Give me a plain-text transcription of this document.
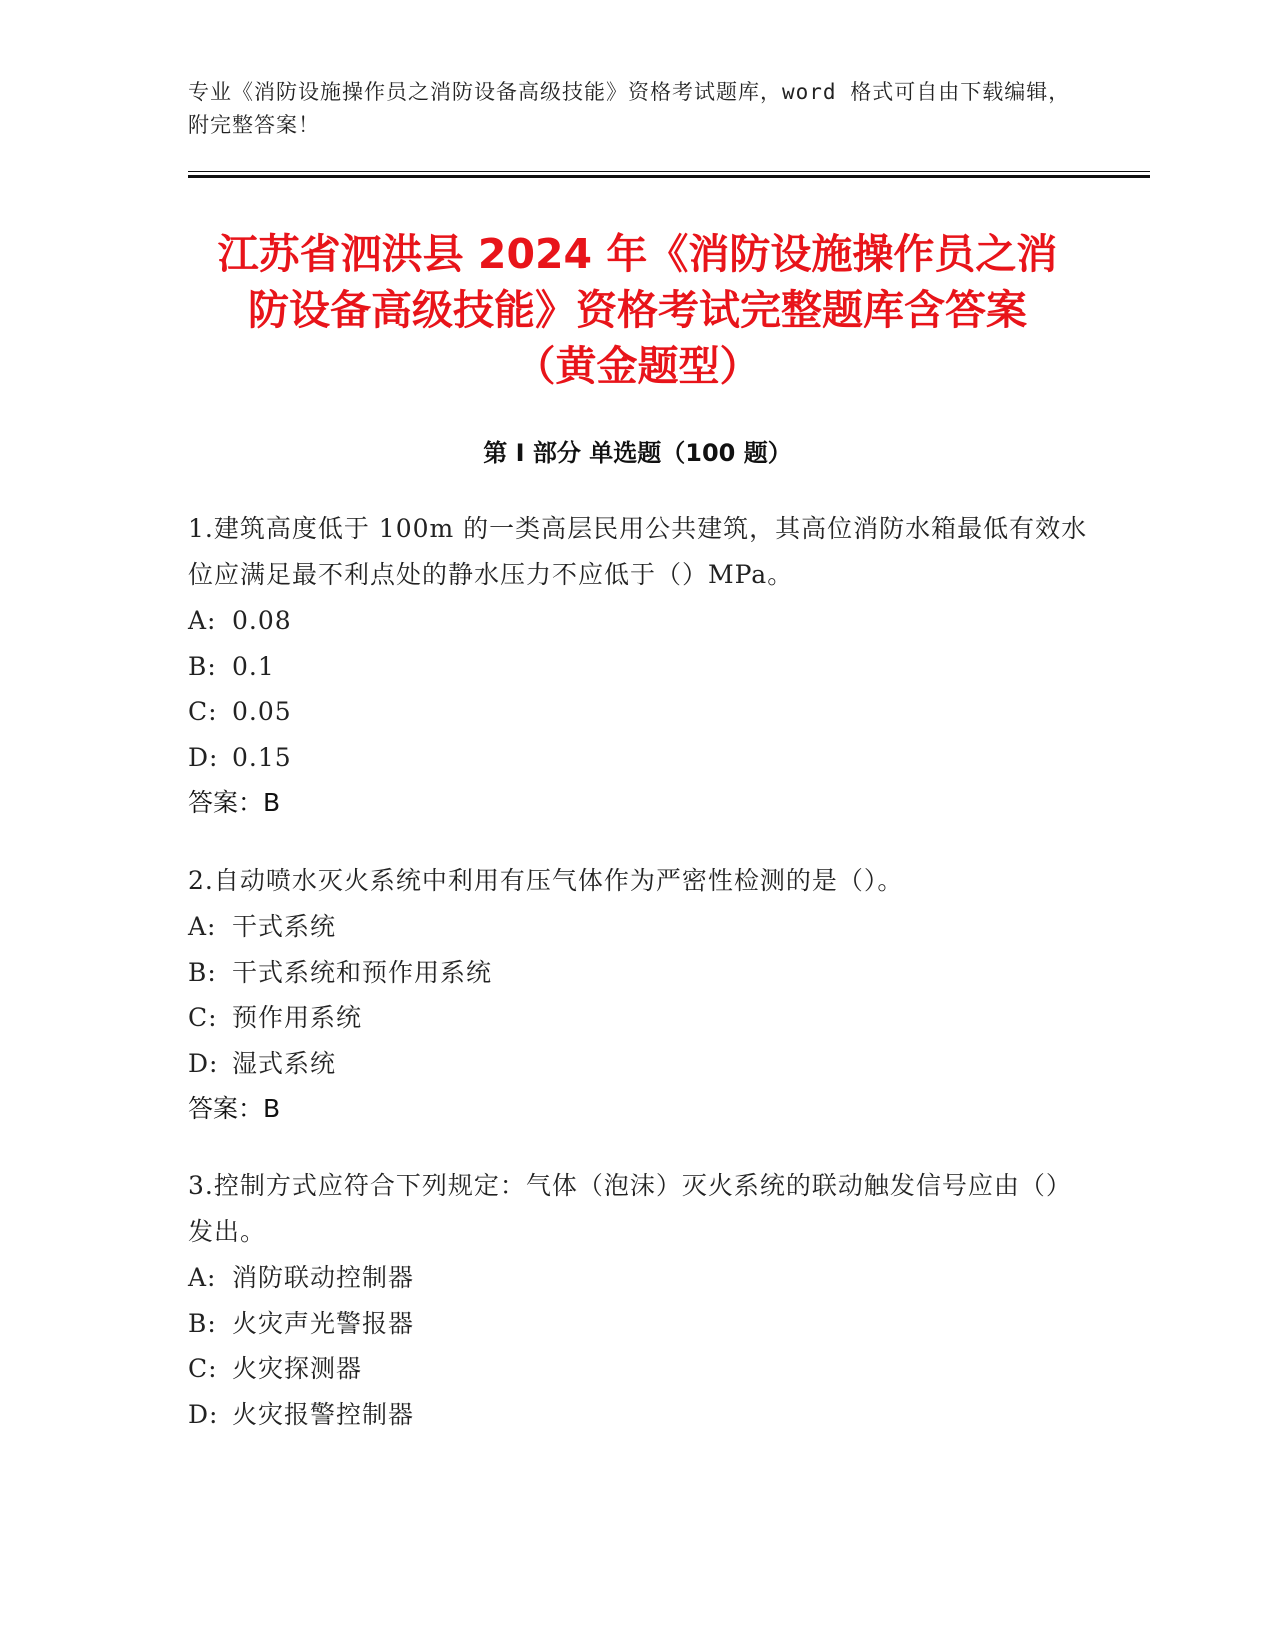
专业《消防设施操作员之消防设备高级技能》资格考试题库，word 格式可自由下载编辑，附完整答案！
江苏省泗洪县 2024 年《消防设施操作员之消
防设备高级技能》资格考试完整题库含答案
（黄金题型）
第 I 部分 单选题（100 题）
1.建筑高度低于 100m 的一类高层民用公共建筑，其高位消防水箱最低有效水位应满足最不利点处的静水压力不应低于（）MPa。
A: 0.08
B: 0.1
C: 0.05
D: 0.15
答案：B
2.自动喷水灭火系统中利用有压气体作为严密性检测的是（）。
A: 干式系统
B: 干式系统和预作用系统
C: 预作用系统
D: 湿式系统
答案：B
3.控制方式应符合下列规定：气体（泡沫）灭火系统的联动触发信号应由（）发出。
A: 消防联动控制器
B: 火灾声光警报器
C: 火灾探测器
D: 火灾报警控制器
